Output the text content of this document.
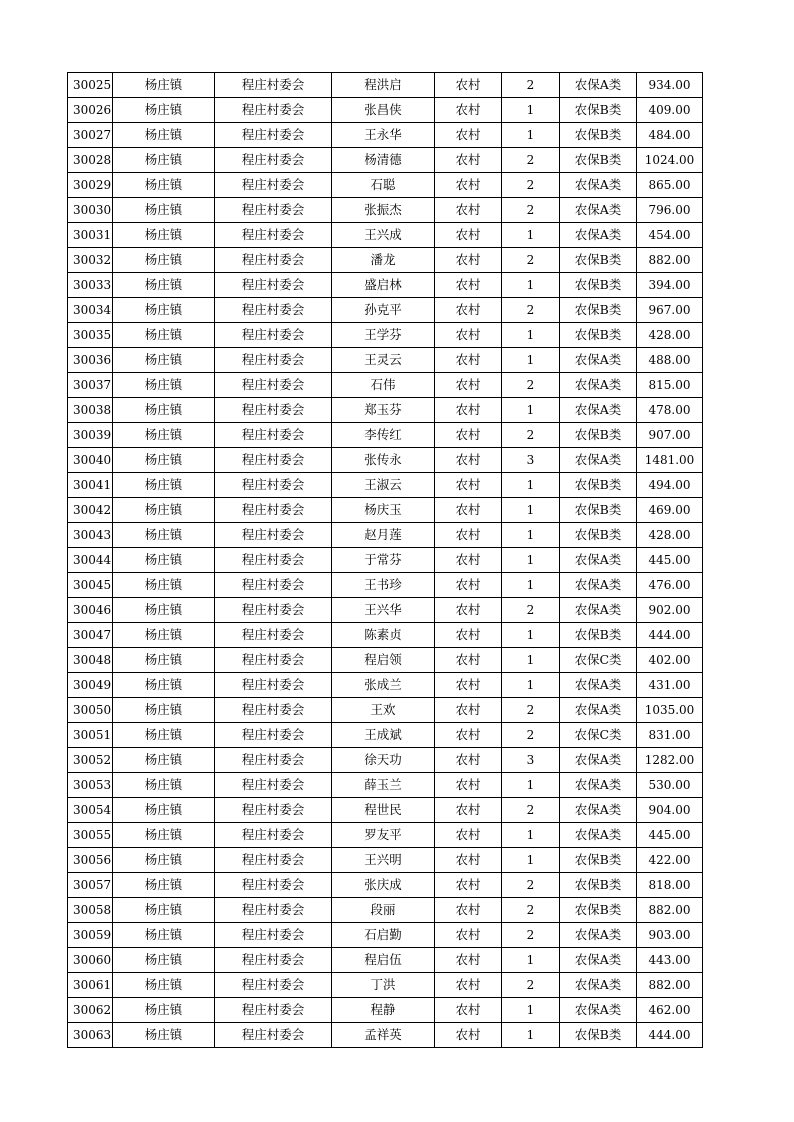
30025	杨庄镇	程庄村委会	程洪启	农村	2	农保A类	934.00
30026	杨庄镇	程庄村委会	张昌侠	农村	1	农保B类	409.00
30027	杨庄镇	程庄村委会	王永华	农村	1	农保B类	484.00
30028	杨庄镇	程庄村委会	杨清德	农村	2	农保B类	1024.00
30029	杨庄镇	程庄村委会	石聪	农村	2	农保A类	865.00
30030	杨庄镇	程庄村委会	张振杰	农村	2	农保A类	796.00
30031	杨庄镇	程庄村委会	王兴成	农村	1	农保A类	454.00
30032	杨庄镇	程庄村委会	潘龙	农村	2	农保B类	882.00
30033	杨庄镇	程庄村委会	盛启林	农村	1	农保B类	394.00
30034	杨庄镇	程庄村委会	孙克平	农村	2	农保B类	967.00
30035	杨庄镇	程庄村委会	王学芬	农村	1	农保B类	428.00
30036	杨庄镇	程庄村委会	王灵云	农村	1	农保A类	488.00
30037	杨庄镇	程庄村委会	石伟	农村	2	农保A类	815.00
30038	杨庄镇	程庄村委会	郑玉芬	农村	1	农保A类	478.00
30039	杨庄镇	程庄村委会	李传红	农村	2	农保B类	907.00
30040	杨庄镇	程庄村委会	张传永	农村	3	农保A类	1481.00
30041	杨庄镇	程庄村委会	王淑云	农村	1	农保B类	494.00
30042	杨庄镇	程庄村委会	杨庆玉	农村	1	农保B类	469.00
30043	杨庄镇	程庄村委会	赵月莲	农村	1	农保B类	428.00
30044	杨庄镇	程庄村委会	于常芬	农村	1	农保A类	445.00
30045	杨庄镇	程庄村委会	王书珍	农村	1	农保A类	476.00
30046	杨庄镇	程庄村委会	王兴华	农村	2	农保A类	902.00
30047	杨庄镇	程庄村委会	陈素贞	农村	1	农保B类	444.00
30048	杨庄镇	程庄村委会	程启领	农村	1	农保C类	402.00
30049	杨庄镇	程庄村委会	张成兰	农村	1	农保A类	431.00
30050	杨庄镇	程庄村委会	王欢	农村	2	农保A类	1035.00
30051	杨庄镇	程庄村委会	王成斌	农村	2	农保C类	831.00
30052	杨庄镇	程庄村委会	徐天功	农村	3	农保A类	1282.00
30053	杨庄镇	程庄村委会	薛玉兰	农村	1	农保A类	530.00
30054	杨庄镇	程庄村委会	程世民	农村	2	农保A类	904.00
30055	杨庄镇	程庄村委会	罗友平	农村	1	农保A类	445.00
30056	杨庄镇	程庄村委会	王兴明	农村	1	农保B类	422.00
30057	杨庄镇	程庄村委会	张庆成	农村	2	农保B类	818.00
30058	杨庄镇	程庄村委会	段丽	农村	2	农保B类	882.00
30059	杨庄镇	程庄村委会	石启勤	农村	2	农保A类	903.00
30060	杨庄镇	程庄村委会	程启伍	农村	1	农保A类	443.00
30061	杨庄镇	程庄村委会	丁洪	农村	2	农保A类	882.00
30062	杨庄镇	程庄村委会	程静	农村	1	农保A类	462.00
30063	杨庄镇	程庄村委会	孟祥英	农村	1	农保B类	444.00
